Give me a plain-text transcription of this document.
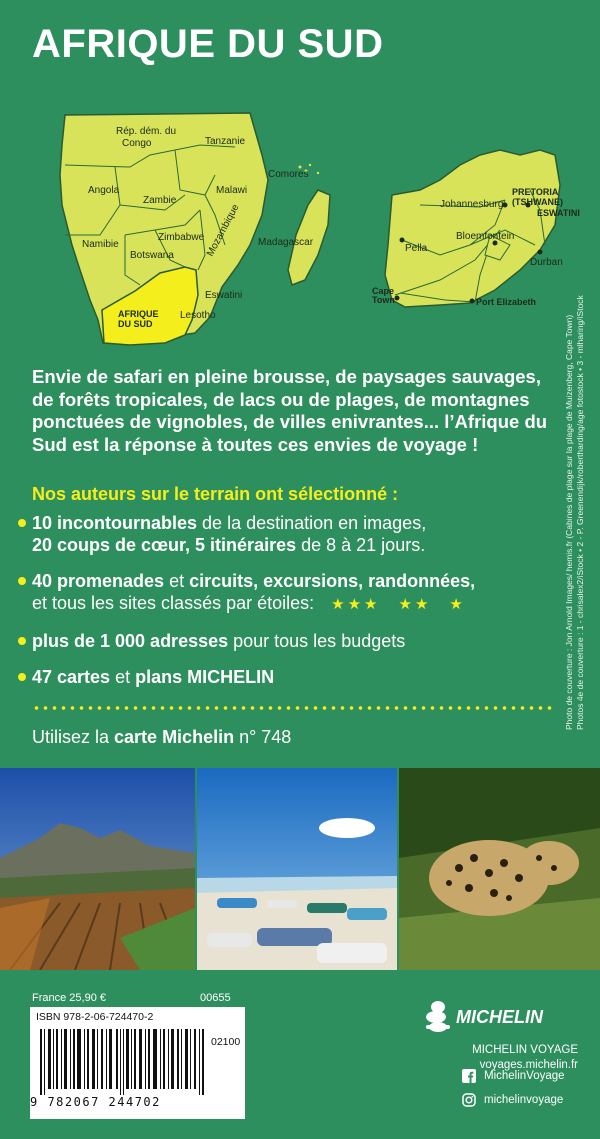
AFRIQUE DU SUD
Rép. dém. du
Congo	Tanzanie
Comores
Angola
Zambie
Malawi
Namibie
Zimbabwe
Botswana	Mozambique Madagascar
Eswatini
AFRIQUE
DU SUD
Lesotho
PRETORIA
(TSHWANE)
Johannesburg
ESWATINI
Bloemfontein
Pella
Durban
Cape
Town	Port Elizabeth
Envie de safari en pleine brousse, de paysages sauvages, de forêts tropicales, de lacs ou de plages, de montagnes ponctuées de vignobles, de villes enivrantes... l’Afrique du Sud est la réponse à toutes ces envies de voyage !
Nos auteurs sur le terrain ont sélectionné :
10 incontournables de la destination en images,
20 coups de cœur, 5 itinéraires de 8 à 21 jours.
40 promenades et circuits, excursions, randonnées,
et tous les sites classés par étoiles: ★★★ ★★ ★
plus de 1 000 adresses pour tous les budgets
47 cartes et plans MICHELIN
Utilisez la carte Michelin n° 748
Photo de couverture : Jon Arnold Images/ hemis.fr (Cabines de plage sur la plage de Muizenberg, Cape Town) Photos 4e de couverture : 1 - chrisalex2/iStock • 2 - P. Greenendijk/robertharding/age fotostock • 3 - mlharing/iStock
France 25,90 €	00655
ISBN 978-2-06-724470-2
02100
9 782067 244702
MICHELIN
MICHELIN VOYAGE
voyages.michelin.fr
MichelinVoyage
michelinvoyage
